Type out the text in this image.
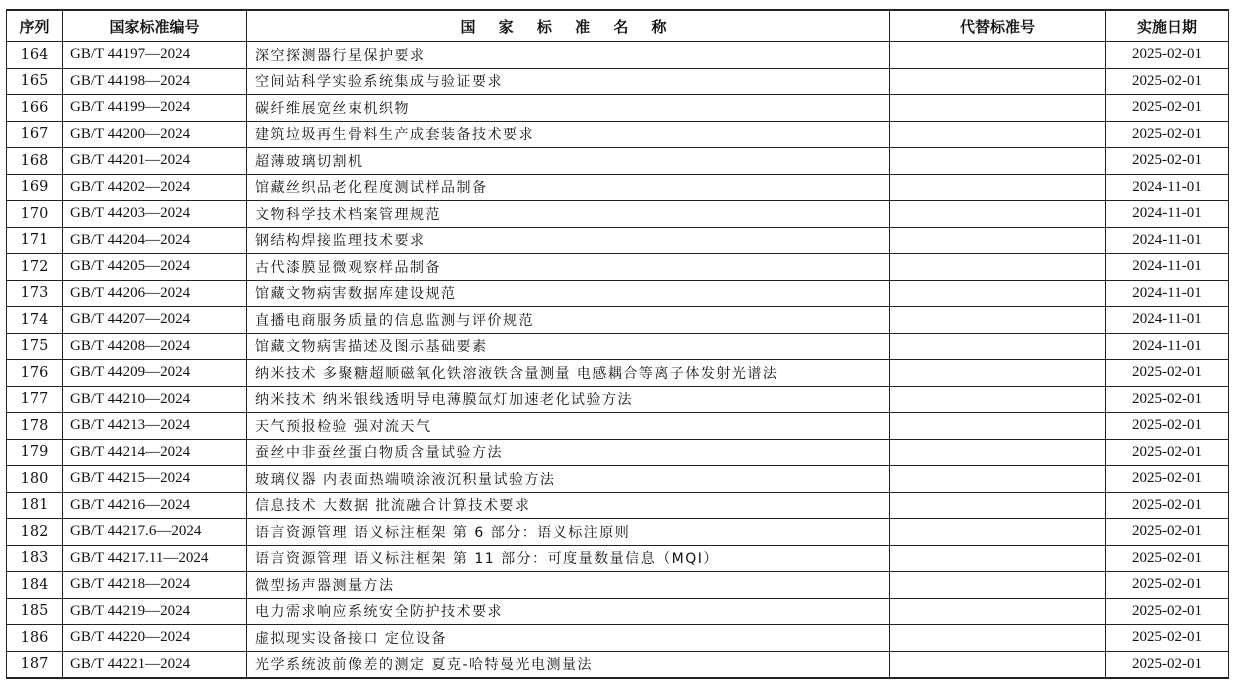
序列	国家标准编号	国 家 标 准 名 称	代替标准号	实施日期
164	GB/T 44197—2024	深空探测器行星保护要求		2025-02-01
165	GB/T 44198—2024	空间站科学实验系统集成与验证要求		2025-02-01
166	GB/T 44199—2024	碳纤维展宽丝束机织物		2025-02-01
167	GB/T 44200—2024	建筑垃圾再生骨料生产成套装备技术要求		2025-02-01
168	GB/T 44201—2024	超薄玻璃切割机		2025-02-01
169	GB/T 44202—2024	馆藏丝织品老化程度测试样品制备		2024-11-01
170	GB/T 44203—2024	文物科学技术档案管理规范		2024-11-01
171	GB/T 44204—2024	钢结构焊接监理技术要求		2024-11-01
172	GB/T 44205—2024	古代漆膜显微观察样品制备		2024-11-01
173	GB/T 44206—2024	馆藏文物病害数据库建设规范		2024-11-01
174	GB/T 44207—2024	直播电商服务质量的信息监测与评价规范		2024-11-01
175	GB/T 44208—2024	馆藏文物病害描述及图示基础要素		2024-11-01
176	GB/T 44209—2024	纳米技术 多聚糖超顺磁氧化铁溶液铁含量测量 电感耦合等离子体发射光谱法		2025-02-01
177	GB/T 44210—2024	纳米技术 纳米银线透明导电薄膜氙灯加速老化试验方法		2025-02-01
178	GB/T 44213—2024	天气预报检验 强对流天气		2025-02-01
179	GB/T 44214—2024	蚕丝中非蚕丝蛋白物质含量试验方法		2025-02-01
180	GB/T 44215—2024	玻璃仪器 内表面热端喷涂液沉积量试验方法		2025-02-01
181	GB/T 44216—2024	信息技术 大数据 批流融合计算技术要求		2025-02-01
182	GB/T 44217.6—2024	语言资源管理 语义标注框架 第 6 部分：语义标注原则		2025-02-01
183	GB/T 44217.11—2024	语言资源管理 语义标注框架 第 11 部分：可度量数量信息（MQI）		2025-02-01
184	GB/T 44218—2024	微型扬声器测量方法		2025-02-01
185	GB/T 44219—2024	电力需求响应系统安全防护技术要求		2025-02-01
186	GB/T 44220—2024	虚拟现实设备接口 定位设备		2025-02-01
187	GB/T 44221—2024	光学系统波前像差的测定 夏克-哈特曼光电测量法		2025-02-01
